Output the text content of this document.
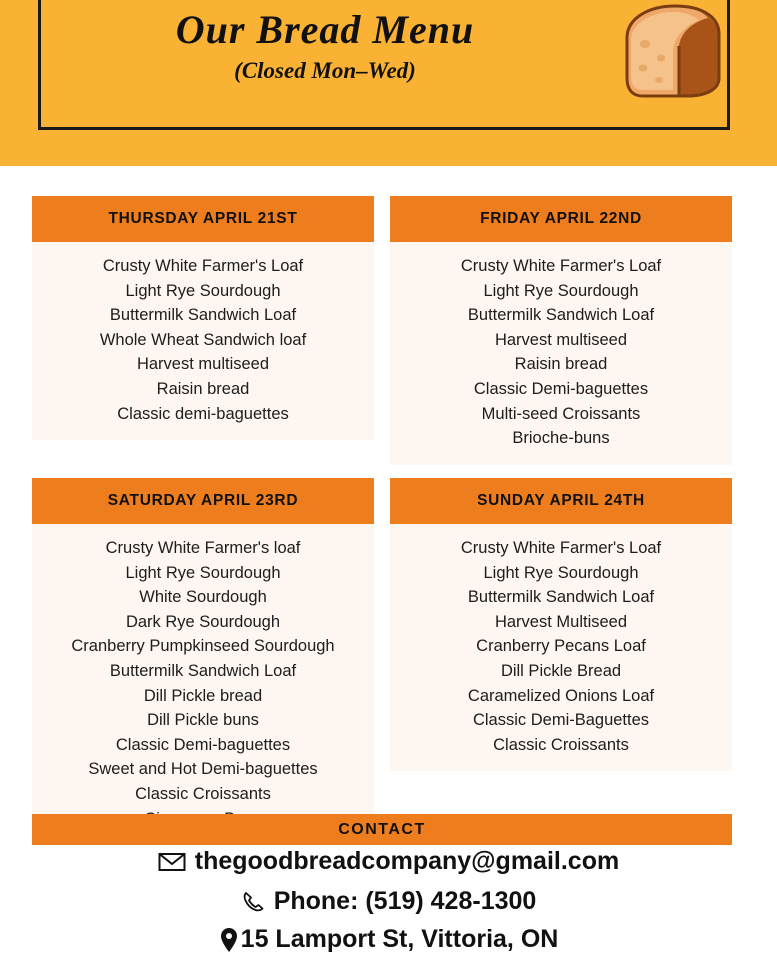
Our Bread Menu
(Closed Mon–Wed)
THURSDAY APRIL 21ST
Crusty White Farmer's Loaf
Light Rye Sourdough
Buttermilk Sandwich Loaf
Whole Wheat Sandwich loaf
Harvest multiseed
Raisin bread
Classic demi-baguettes
FRIDAY APRIL 22ND
Crusty White Farmer's Loaf
Light Rye Sourdough
Buttermilk Sandwich Loaf
Harvest multiseed
Raisin bread
Classic Demi-baguettes
Multi-seed Croissants
Brioche-buns
SATURDAY APRIL 23RD
Crusty White Farmer's loaf
Light Rye Sourdough
White Sourdough
Dark Rye Sourdough
Cranberry Pumpkinseed Sourdough
Buttermilk Sandwich Loaf
Dill Pickle bread
Dill Pickle buns
Classic Demi-baguettes
Sweet and Hot Demi-baguettes
Classic Croissants
SUNDAY APRIL 24TH
Crusty White Farmer's Loaf
Light Rye Sourdough
Buttermilk Sandwich Loaf
Harvest Multiseed
Cranberry Pecans Loaf
Dill Pickle Bread
Caramelized Onions Loaf
Classic Demi-Baguettes
Classic Croissants
CONTACT
thegoodbreadcompany@gmail.com
Phone: (519) 428-1300
15 Lamport St, Vittoria, ON
